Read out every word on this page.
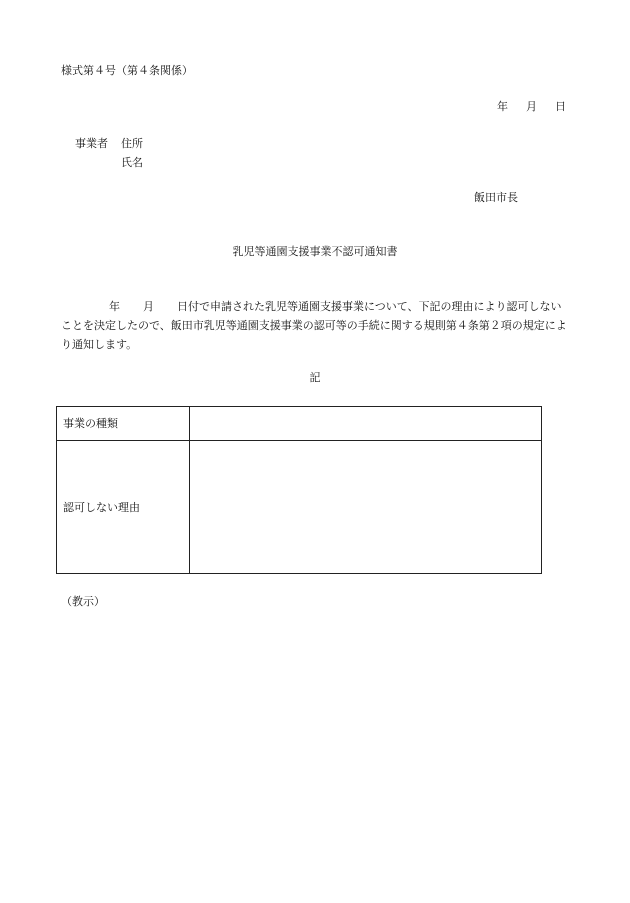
様式第４号（第４条関係）
年 月 日
事業者 住所
氏名
飯田市長
乳児等通園支援事業不認可通知書
年 月 日付で申請された乳児等通園支援事業について、下記の理由により認可しないことを決定したので、飯田市乳児等通園支援事業の認可等の手続に関する規則第４条第２項の規定により通知します。
記
事業の種類	
認可しない理由	
（教示）
